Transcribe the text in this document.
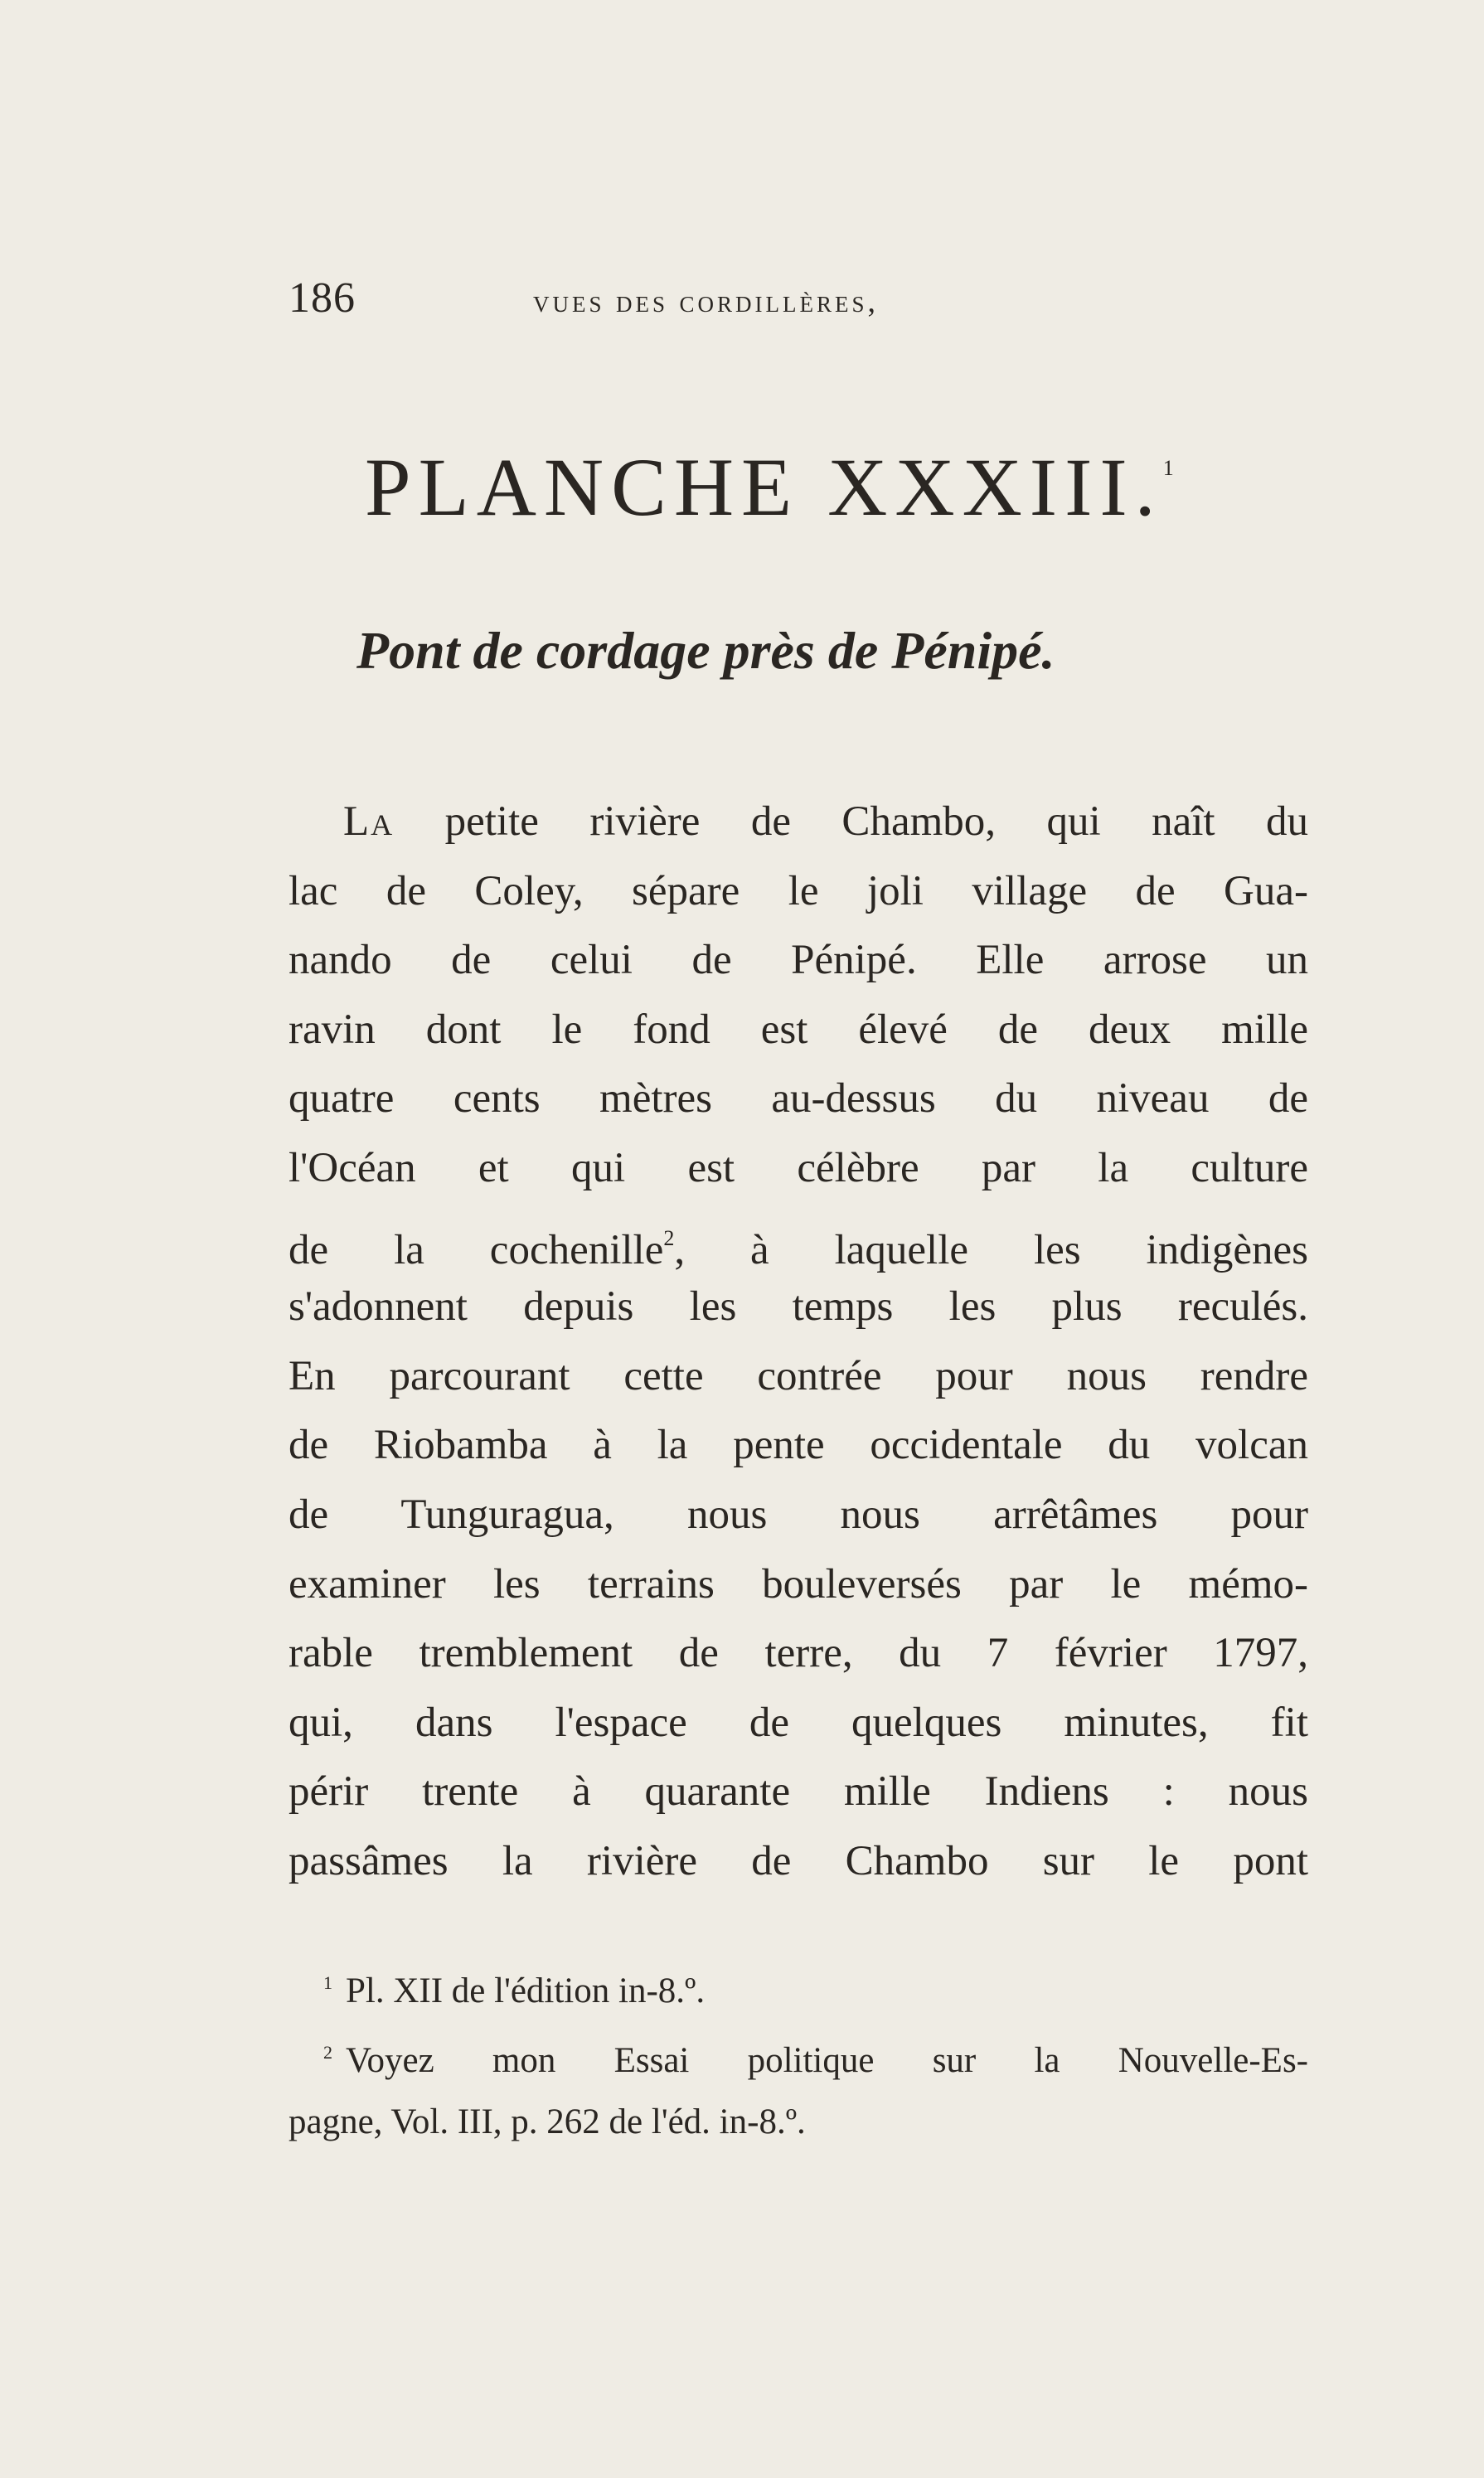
186	vues des cordillères,
PLANCHE XXXIII.$^1$
Pont de cordage près de Pénipé.
La petite rivière de Chambo, qui naît du
lac de Coley, sépare le joli village de Gua-
nando de celui de Pénipé. Elle arrose un
ravin dont le fond est élevé de deux mille
quatre cents mètres au-dessus du niveau de
l'Océan et qui est célèbre par la culture
de la cochenille$^2$, à laquelle les indigènes
s'adonnent depuis les temps les plus reculés.
En parcourant cette contrée pour nous rendre
de Riobamba à la pente occidentale du volcan
de Tunguragua, nous nous arrêtâmes pour
examiner les terrains bouleversés par le mémo-
rable tremblement de terre, du 7 février 1797,
qui, dans l'espace de quelques minutes, fit
périr trente à quarante mille Indiens : nous
passâmes la rivière de Chambo sur le pont
$^1$ Pl. XII de l'édition in-8.º.
$^2$ Voyez mon Essai politique sur la Nouvelle-Es-
pagne, Vol. III, p. 262 de l'éd. in-8.º.
